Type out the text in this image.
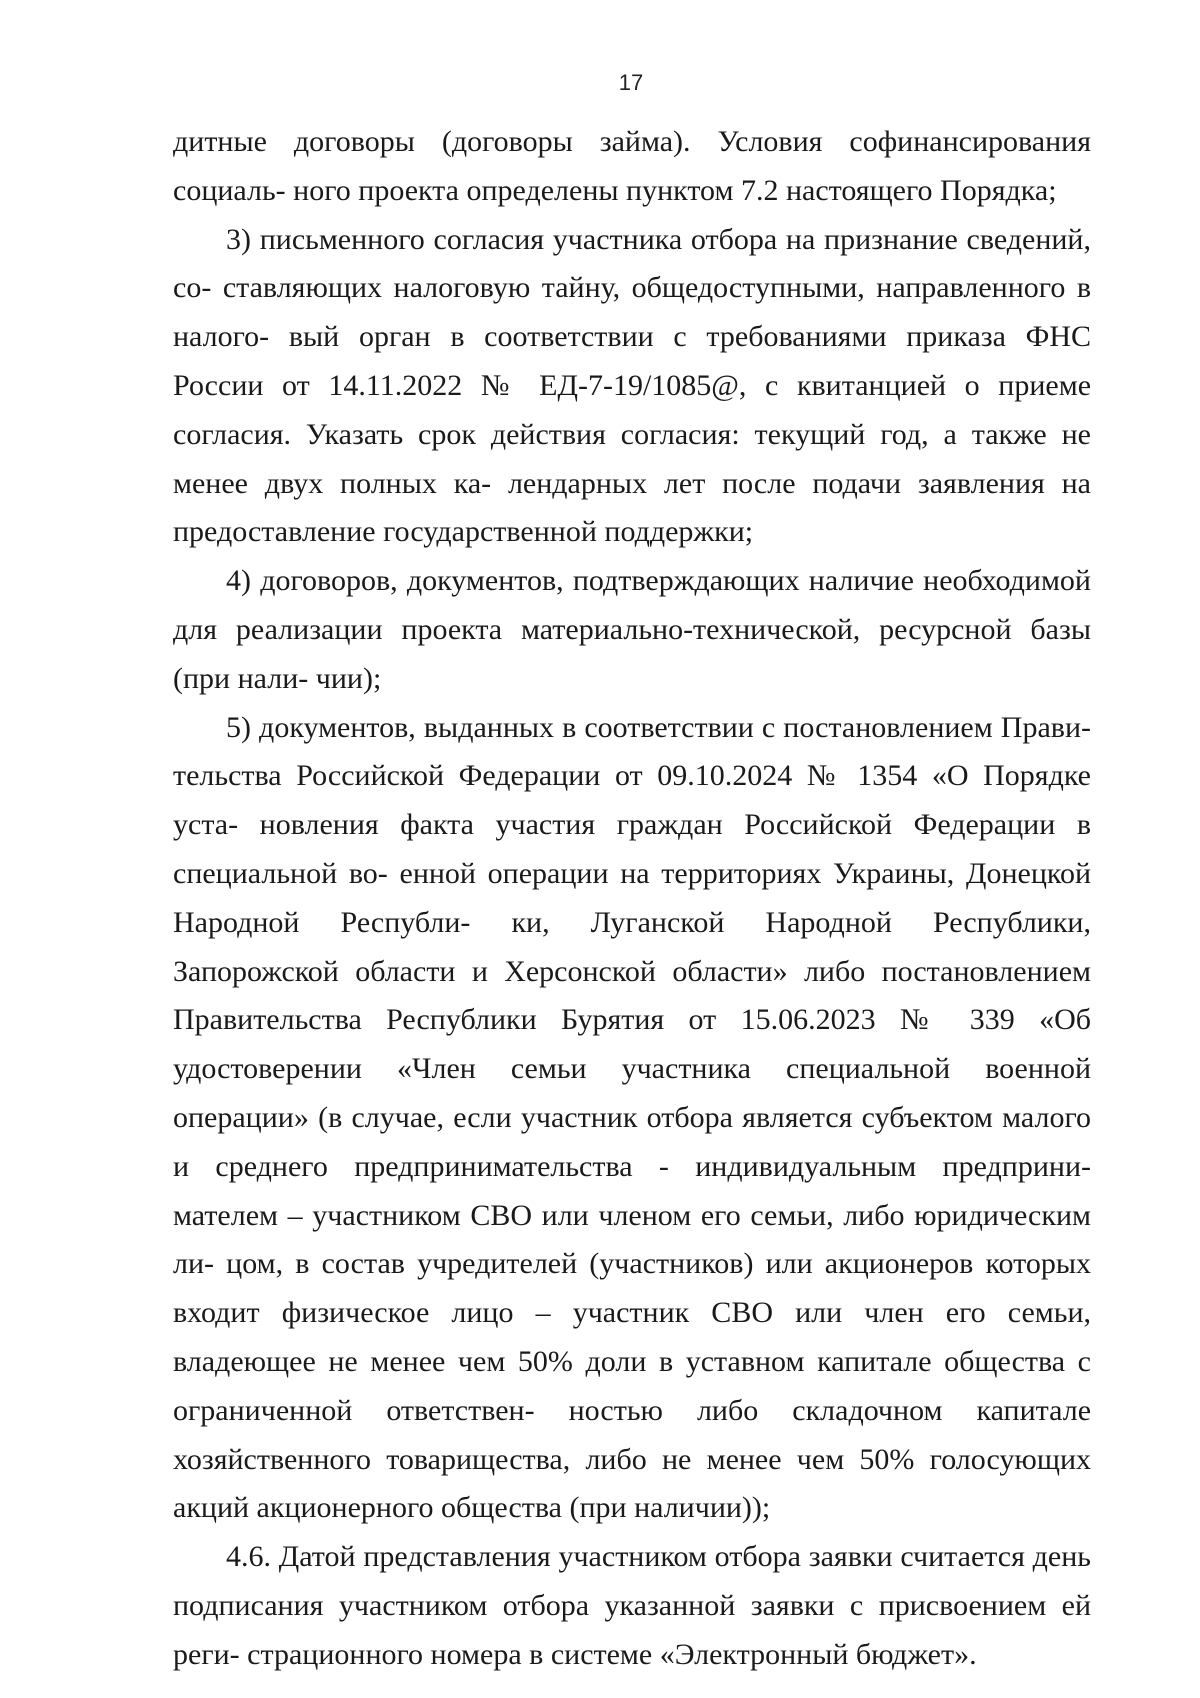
17

дитные договоры (договоры займа). Условия софинансирования социаль- ного проекта определены пунктом 7.2 настоящего Порядка;

3) письменного согласия участника отбора на признание сведений, со- ставляющих налоговую тайну, общедоступными, направленного в налого- вый орган в соответствии с требованиями приказа ФНС России от 14.11.2022 № ЕД-7-19/1085@, с квитанцией о приеме согласия. Указать срок действия согласия: текущий год, а также не менее двух полных ка- лендарных лет после подачи заявления на предоставление государственной поддержки;

4) договоров, документов, подтверждающих наличие необходимой для реализации проекта материально-технической, ресурсной базы (при нали- чии);

5) документов, выданных в соответствии с постановлением Прави- тельства Российской Федерации от 09.10.2024 № 1354 «О Порядке уста- новления факта участия граждан Российской Федерации в специальной во- енной операции на территориях Украины, Донецкой Народной Республи- ки, Луганской Народной Республики, Запорожской области и Херсонской области» либо постановлением Правительства Республики Бурятия от 15.06.2023 № 339 «Об удостоверении «Член семьи участника специальной военной операции» (в случае, если участник отбора является субъектом малого и среднего предпринимательства - индивидуальным предприни- мателем – участником СВО или членом его семьи, либо юридическим ли- цом, в состав учредителей (участников) или акционеров которых входит физическое лицо – участник СВО или член его семьи, владеющее не менее чем 50% доли в уставном капитале общества с ограниченной ответствен- ностью либо складочном капитале хозяйственного товарищества, либо не менее чем 50% голосующих акций акционерного общества (при наличии));

4.6. Датой представления участником отбора заявки считается день подписания участником отбора указанной заявки с присвоением ей реги- страционного номера в системе «Электронный бюджет».
